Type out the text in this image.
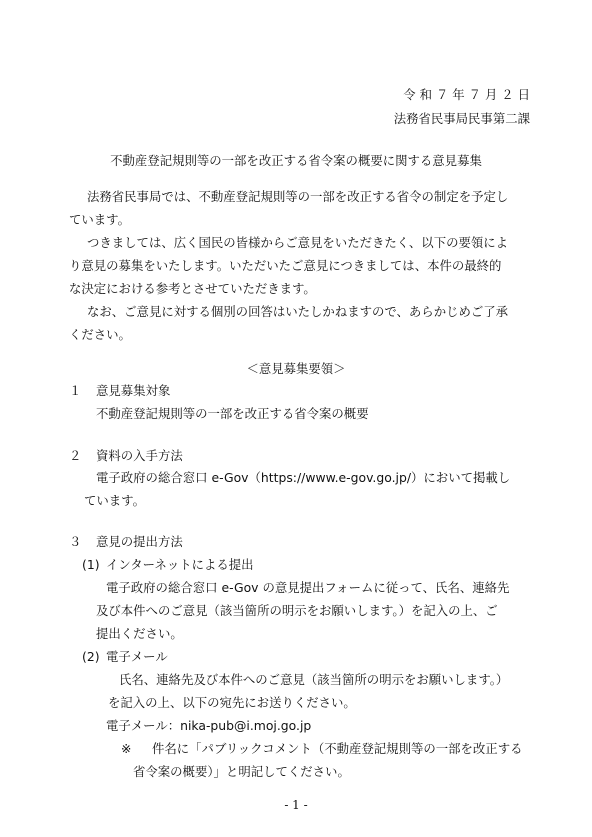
令 和 ７ 年 ７ 月 ２ 日
法務省民事局民事第二課
不動産登記規則等の一部を改正する省令案の概要に関する意見募集
法務省民事局では、不動産登記規則等の一部を改正する省令の制定を予定し
ています。
つきましては、広く国民の皆様からご意見をいただきたく、以下の要領によ
り意見の募集をいたします。いただいたご意見につきましては、本件の最終的
な決定における参考とさせていただきます。
なお、ご意見に対する個別の回答はいたしかねますので、あらかじめご了承
ください。
＜意見募集要領＞
１ 意見募集対象
不動産登記規則等の一部を改正する省令案の概要
２ 資料の入手方法
電子政府の総合窓口 e-Gov（https://www.e-gov.go.jp/）において掲載し
ています。
３ 意見の提出方法
(1) インターネットによる提出
電子政府の総合窓口 e-Gov の意見提出フォームに従って、氏名、連絡先
及び本件へのご意見（該当箇所の明示をお願いします。）を記入の上、ご
提出ください。
(2) 電子メール
氏名、連絡先及び本件へのご意見（該当箇所の明示をお願いします。）
を記入の上、以下の宛先にお送りください。
電子メール：nika-pub@i.moj.go.jp
※ 件名に「パブリックコメント（不動産登記規則等の一部を改正する
省令案の概要）」と明記してください。
- 1 -
